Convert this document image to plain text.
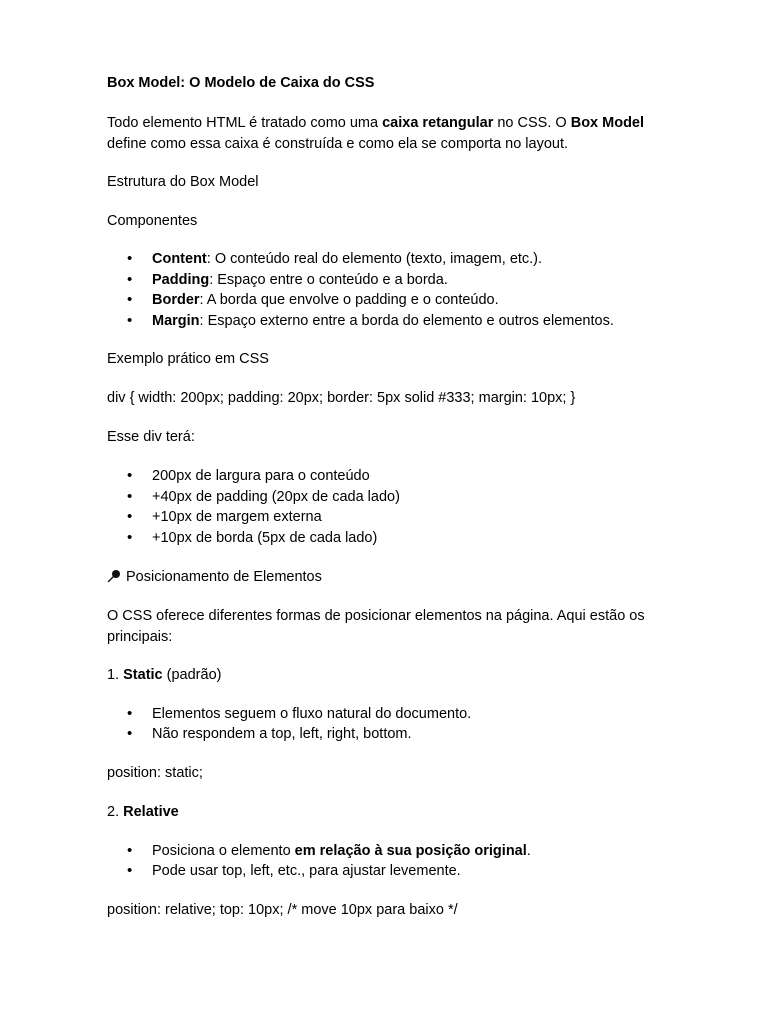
Box Model: O Modelo de Caixa do CSS

Todo elemento HTML é tratado como uma caixa retangular no CSS. O Box Model
define como essa caixa é construída e como ela se comporta no layout.

Estrutura do Box Model

Componentes

•	Content: O conteúdo real do elemento (texto, imagem, etc.).
•	Padding: Espaço entre o conteúdo e a borda.
•	Border: A borda que envolve o padding e o conteúdo.
•	Margin: Espaço externo entre a borda do elemento e outros elementos.

Exemplo prático em CSS

div { width: 200px; padding: 20px; border: 5px solid #333; margin: 10px; }

Esse div terá:

•	200px de largura para o conteúdo
•	+40px de padding (20px de cada lado)
•	+10px de margem externa
•	+10px de borda (5px de cada lado)

Posicionamento de Elementos

O CSS oferece diferentes formas de posicionar elementos na página. Aqui estão os
principais:

1. Static (padrão)

•	Elementos seguem o fluxo natural do documento.
•	Não respondem a top, left, right, bottom.

position: static;

2. Relative

•	Posiciona o elemento em relação à sua posição original.
•	Pode usar top, left, etc., para ajustar levemente.

position: relative; top: 10px; /* move 10px para baixo */
